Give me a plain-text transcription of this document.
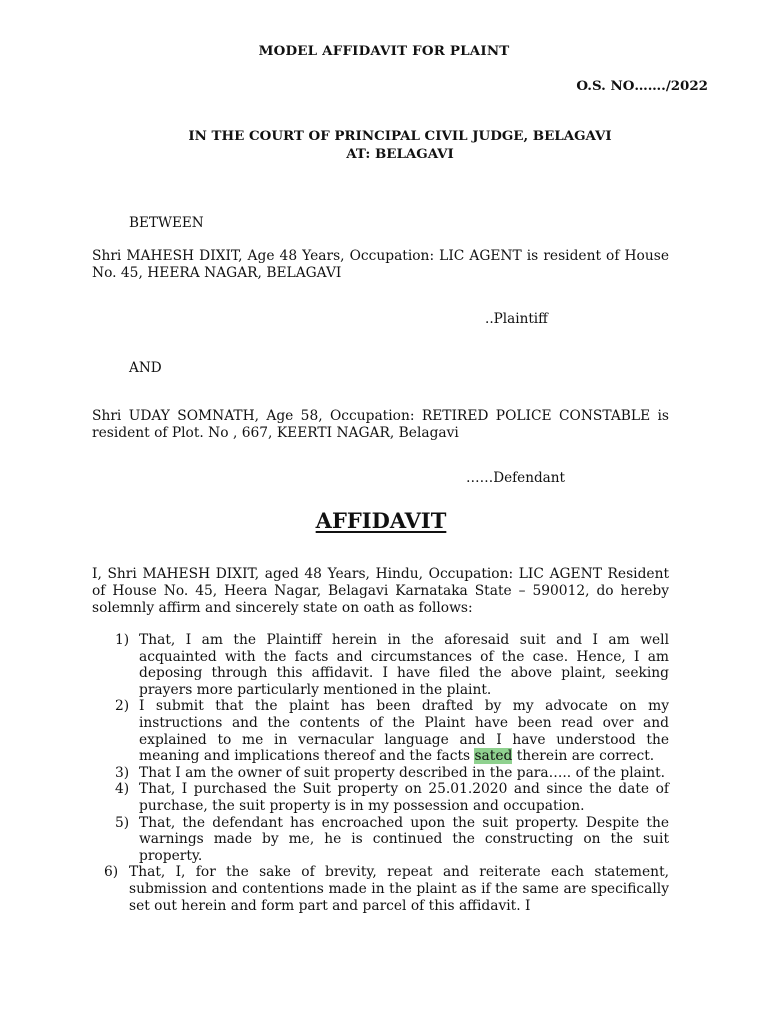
MODEL AFFIDAVIT FOR PLAINT
O.S. NO……./2022
IN THE COURT OF PRINCIPAL CIVIL JUDGE, BELAGAVI
AT: BELAGAVI
BETWEEN
Shri MAHESH DIXIT, Age 48 Years, Occupation: LIC AGENT is resident of House No. 45, HEERA NAGAR, BELAGAVI
..Plaintiff
AND
Shri UDAY SOMNATH, Age 58, Occupation: RETIRED POLICE CONSTABLE is resident of Plot. No , 667, KEERTI NAGAR, Belagavi
……Defendant
AFFIDAVIT
I, Shri MAHESH DIXIT, aged 48 Years, Hindu, Occupation: LIC AGENT Resident of House No. 45, Heera Nagar, Belagavi Karnataka State – 590012, do hereby solemnly affirm and sincerely state on oath as follows:
1) That, I am the Plaintiff herein in the aforesaid suit and I am well acquainted with the facts and circumstances of the case. Hence, I am deposing through this affidavit. I have filed the above plaint, seeking prayers more particularly mentioned in the plaint.
2) I submit that the plaint has been drafted by my advocate on my instructions and the contents of the Plaint have been read over and explained to me in vernacular language and I have understood the meaning and implications thereof and the facts sated therein are correct.
3) That I am the owner of suit property described in the para….. of the plaint.
4) That, I purchased the Suit property on 25.01.2020 and since the date of purchase, the suit property is in my possession and occupation.
5) That, the defendant has encroached upon the suit property. Despite the warnings made by me, he is continued the constructing on the suit property.
6) That, I, for the sake of brevity, repeat and reiterate each statement, submission and contentions made in the plaint as if the same are specifically set out herein and form part and parcel of this affidavit. I
